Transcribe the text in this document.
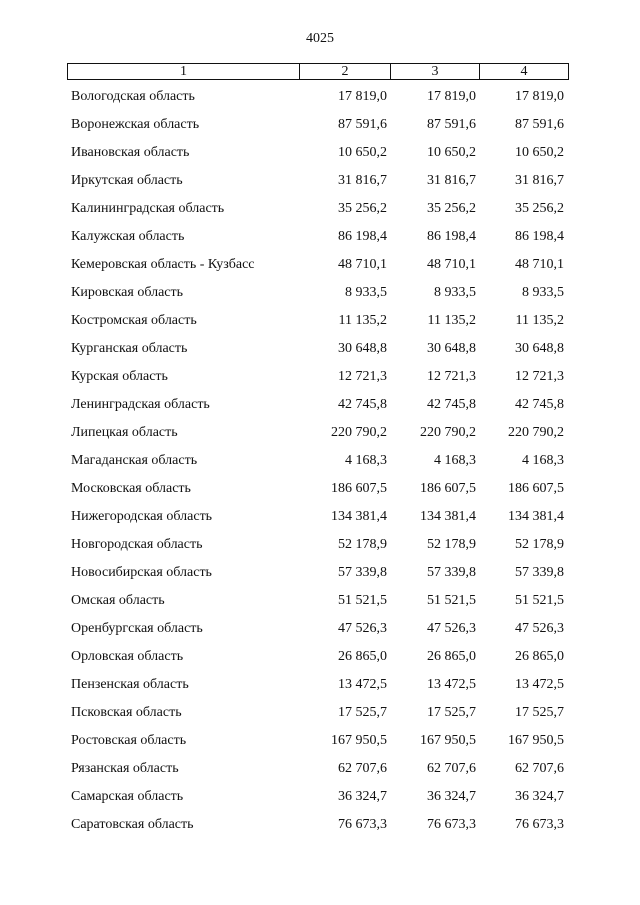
4025
1	2	3	4
Вологодская область	17 819,0	17 819,0	17 819,0
Воронежская область	87 591,6	87 591,6	87 591,6
Ивановская область	10 650,2	10 650,2	10 650,2
Иркутская область	31 816,7	31 816,7	31 816,7
Калининградская область	35 256,2	35 256,2	35 256,2
Калужская область	86 198,4	86 198,4	86 198,4
Кемеровская область - Кузбасс	48 710,1	48 710,1	48 710,1
Кировская область	8 933,5	8 933,5	8 933,5
Костромская область	11 135,2	11 135,2	11 135,2
Курганская область	30 648,8	30 648,8	30 648,8
Курская область	12 721,3	12 721,3	12 721,3
Ленинградская область	42 745,8	42 745,8	42 745,8
Липецкая область	220 790,2	220 790,2	220 790,2
Магаданская область	4 168,3	4 168,3	4 168,3
Московская область	186 607,5	186 607,5	186 607,5
Нижегородская область	134 381,4	134 381,4	134 381,4
Новгородская область	52 178,9	52 178,9	52 178,9
Новосибирская область	57 339,8	57 339,8	57 339,8
Омская область	51 521,5	51 521,5	51 521,5
Оренбургская область	47 526,3	47 526,3	47 526,3
Орловская область	26 865,0	26 865,0	26 865,0
Пензенская область	13 472,5	13 472,5	13 472,5
Псковская область	17 525,7	17 525,7	17 525,7
Ростовская область	167 950,5	167 950,5	167 950,5
Рязанская область	62 707,6	62 707,6	62 707,6
Самарская область	36 324,7	36 324,7	36 324,7
Саратовская область	76 673,3	76 673,3	76 673,3
